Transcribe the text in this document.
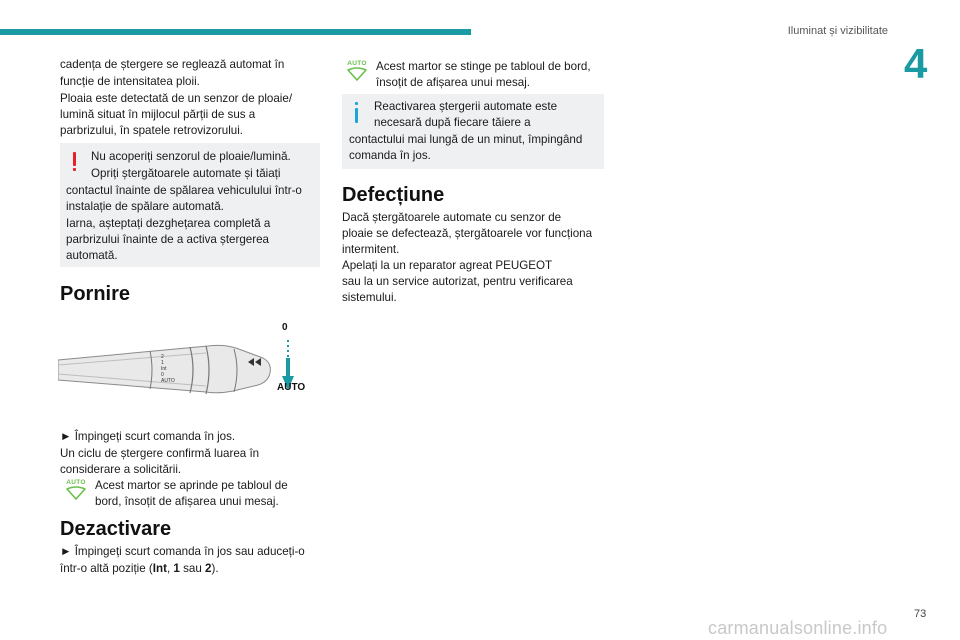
Iluminat și vizibilitate
4

cadența de ștergere se reglează automat în

funcție de intensitatea ploii.

Ploaia este detectată de un senzor de ploaie/

lumină situat în mijlocul părții de sus a

parbrizului, în spatele retrovizorului.

Nu acoperiți senzorul de ploaie/lumină.

Opriți ștergătoarele automate și tăiați

contactul înainte de spălarea vehiculului într-o

instalație de spălare automată.

Iarna, așteptați dezghețarea completă a

parbrizului înainte de a activa ștergerea

automată.

Pornire
0
AUTO
2
1
Int
0
AUTO

► Împingeți scurt comanda în jos.

Un ciclu de ștergere confirmă luarea în

considerare a solicitării.

AUTO Acest martor se aprinde pe tabloul de

bord, însoțit de afișarea unui mesaj.

Dezactivare

► Împingeți scurt comanda în jos sau aduceți-o

într-o altă poziție (Int, 1 sau 2).

AUTO Acest martor se stinge pe tabloul de bord,

însoțit de afișarea unui mesaj.

Reactivarea ștergerii automate este

necesară după fiecare tăiere a

contactului mai lungă de un minut, împingând

comanda în jos.

Defecțiune

Dacă ștergătoarele automate cu senzor de

ploaie se defectează, ștergătoarele vor funcționa

intermitent.

Apelați la un reparator agreat PEUGEOT

sau la un service autorizat, pentru verificarea

sistemului.

73
carmanualsonline.info
